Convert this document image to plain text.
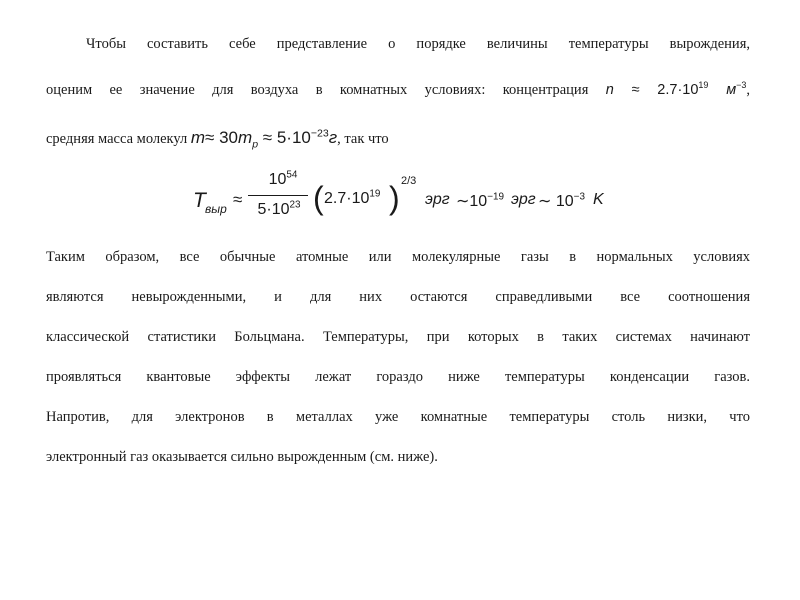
Чтобы составить себе представление о порядке величины температуры вырождения,
оценим ее значение для воздуха в комнатных условиях: концентрация $n \approx 2.7\cdot 10^{19}$ $м^{-3}$,
средняя масса молекул $m\approx 30m_p \approx 5\cdot 10^{-23}г$, так что
T выр ≈
$10^{54}$
$5\cdot 10^{23}$ ( $2.7\cdot 10^{19}$ ) 2/3
эрг $\sim 10^{-19}$ эрг ∼ $10^{-3}$ K
Таким образом, все обычные атомные или молекулярные газы в нормальных условиях
являются невырожденными, и для них остаются справедливыми все соотношения
классической статистики Больцмана. Температуры, при которых в таких системах начинают
проявляться квантовые эффекты лежат гораздо ниже температуры конденсации газов.
Напротив, для электронов в металлах уже комнатные температуры столь низки, что
электронный газ оказывается сильно вырожденным (см. ниже).
